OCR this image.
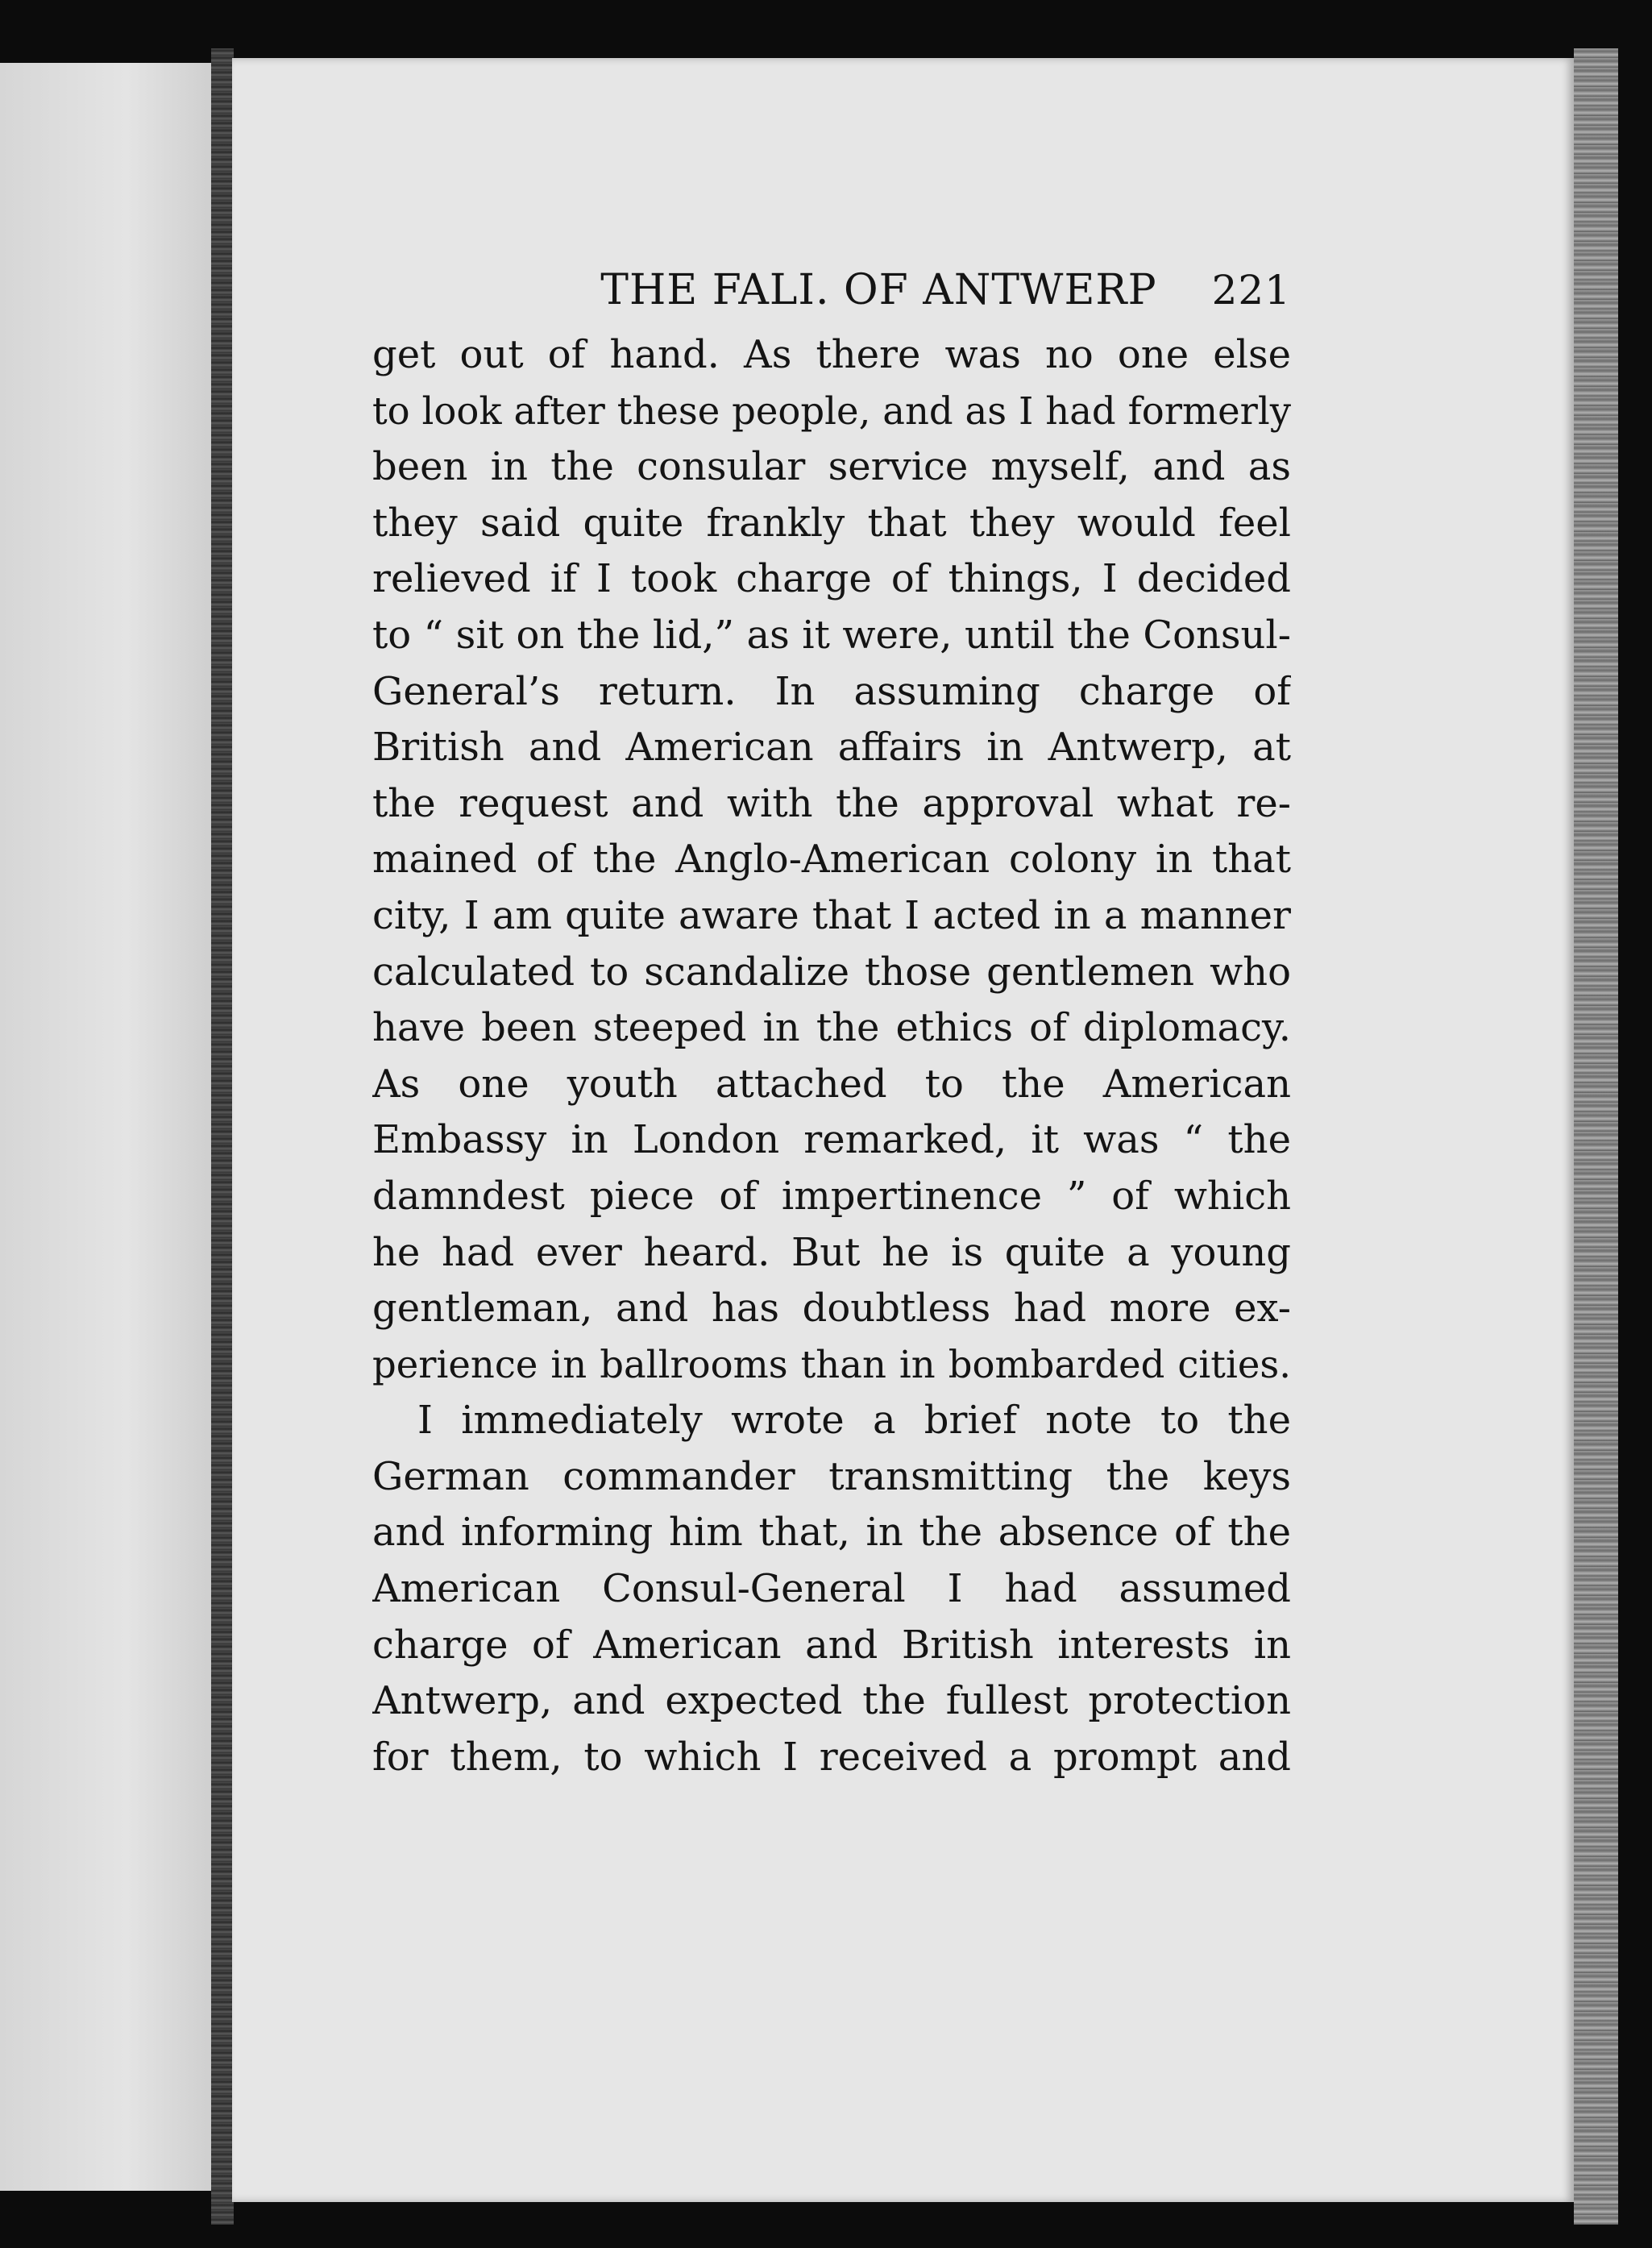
THE FALI. OF ANTWERP 221
get out of hand. As there was no one else
to look after these people, and as I had formerly
been in the consular service myself, and as
they said quite frankly that they would feel
relieved if I took charge of things, I decided
to “ sit on the lid,” as it were, until the Consul-
General’s return. In assuming charge of
British and American affairs in Antwerp, at
the request and with the approval what re-
mained of the Anglo-American colony in that
city, I am quite aware that I acted in a manner
calculated to scandalize those gentlemen who
have been steeped in the ethics of diplomacy.
As one youth attached to the American
Embassy in London remarked, it was “ the
damndest piece of impertinence ” of which
he had ever heard. But he is quite a young
gentleman, and has doubtless had more ex-
perience in ballrooms than in bombarded cities.
I immediately wrote a brief note to the
German commander transmitting the keys
and informing him that, in the absence of the
American Consul-General I had assumed
charge of American and British interests in
Antwerp, and expected the fullest protection
for them, to which I received a prompt and
